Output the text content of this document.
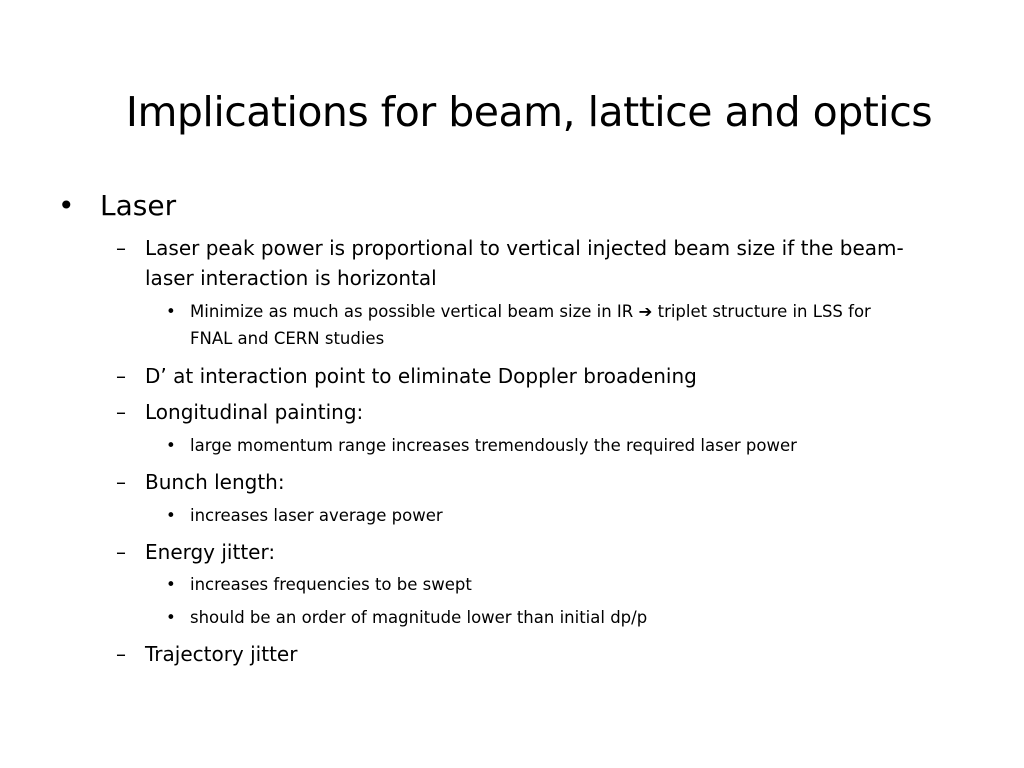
Implications for beam, lattice and optics
• Laser
– Laser peak power is proportional to vertical injected beam size if the beam-
laser interaction is horizontal
• Minimize as much as possible vertical beam size in IR ➔ triplet structure in LSS for
FNAL and CERN studies
– D’ at interaction point to eliminate Doppler broadening
– Longitudinal painting:
• large momentum range increases tremendously the required laser power
– Bunch length:
• increases laser average power
– Energy jitter:
• increases frequencies to be swept
• should be an order of magnitude lower than initial dp/p
– Trajectory jitter
